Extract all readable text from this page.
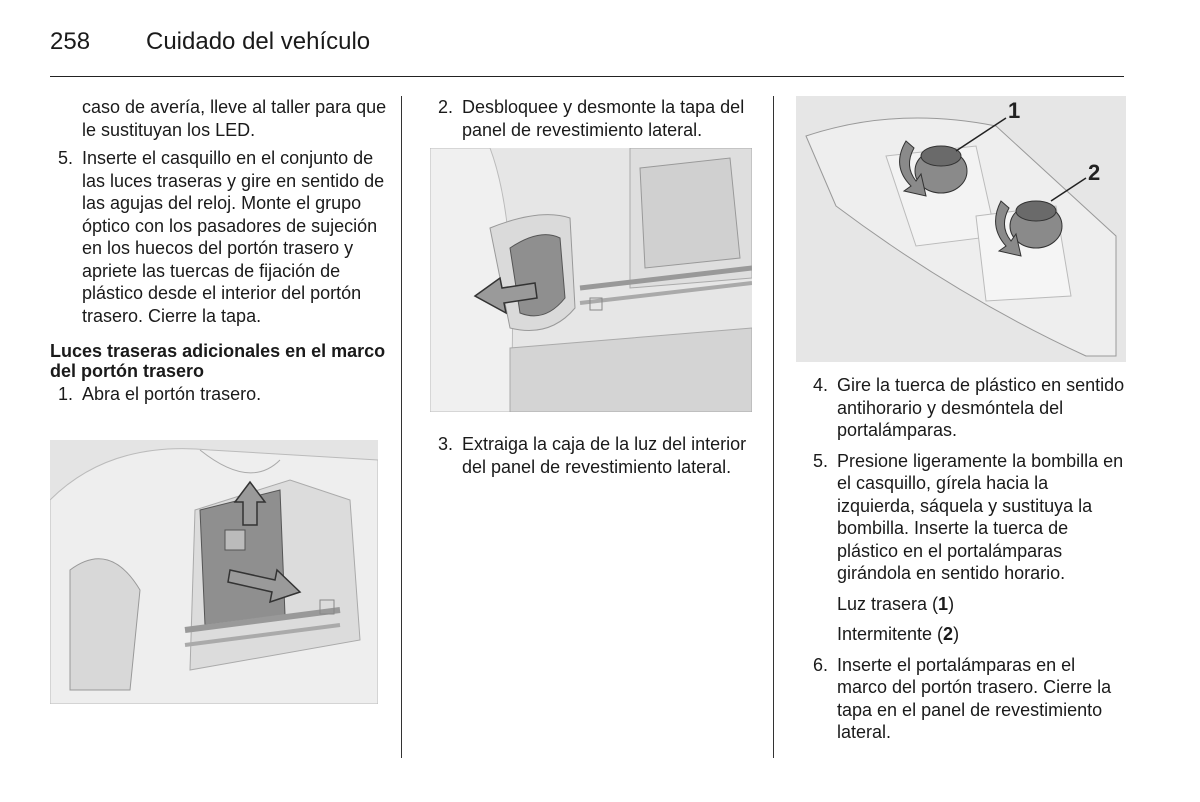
258 Cuidado del vehículo

caso de avería, lleve al taller para que le sustituyan los LED.

5. Inserte el casquillo en el conjunto de las luces traseras y gire en sentido de las agujas del reloj. Monte el grupo óptico con los pasadores de sujeción en los huecos del portón trasero y apriete las tuercas de fijación de plástico desde el interior del portón trasero. Cierre la tapa.

Luces traseras adicionales en el marco del portón trasero

1. Abra el portón trasero.

2. Desbloquee y desmonte la tapa del panel de revestimiento lateral.

3. Extraiga la caja de la luz del interior del panel de revestimiento lateral.

1
2

4. Gire la tuerca de plástico en sentido antihorario y desmóntela del portalámparas.

5. Presione ligeramente la bombilla en el casquillo, gírela hacia la izquierda, sáquela y sustituya la bombilla. Inserte la tuerca de plástico en el portalámparas girándola en sentido horario.

Luz trasera (1)

Intermitente (2)

6. Inserte el portalámparas en el marco del portón trasero. Cierre la tapa en el panel de revestimiento lateral.
